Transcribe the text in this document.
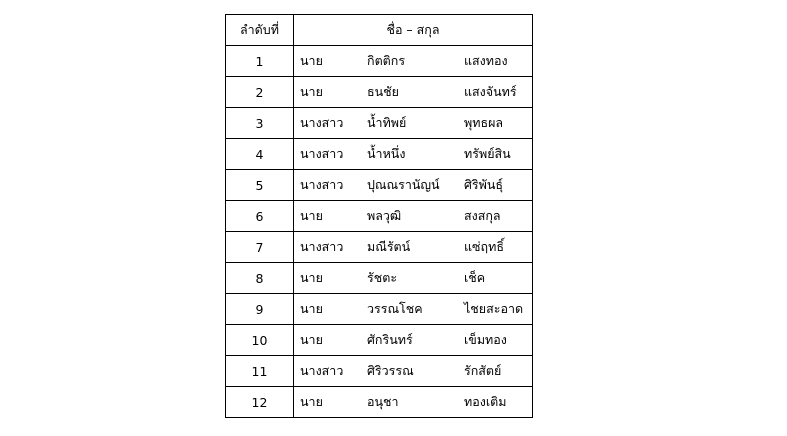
ลำดับที่	ชื่อ – สกุล
1	นาย กิตติกร แสงทอง
2	นาย ธนชัย แสงจันทร์
3	นางสาว น้ำทิพย์ พุทธผล
4	นางสาว น้ำหนึ่ง ทรัพย์สิน
5	นางสาว ปุณณรานัญน์ ศิริพันธุ์
6	นาย พลวุฒิ สงสกุล
7	นางสาว มณีรัตน์ แซ่ฤทธิ์
8	นาย รัชตะ เช็ค
9	นาย วรรณโชค ไชยสะอาด
10	นาย ศักรินทร์ เข็มทอง
11	นางสาว ศิริวรรณ รักสัตย์
12	นาย อนุชา ทองเติม
